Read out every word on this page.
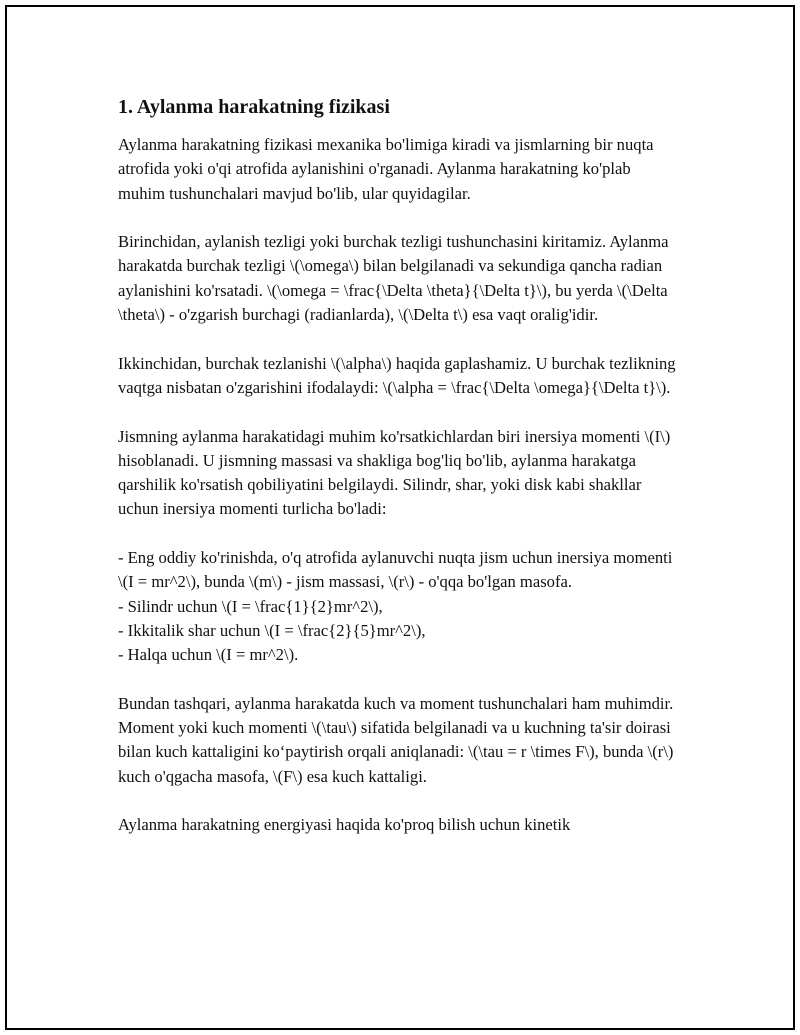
1. Aylanma harakatning fizikasi

Aylanma harakatning fizikasi mexanika bo'limiga kiradi va jismlarning bir nuqta atrofida yoki o'qi atrofida aylanishini o'rganadi. Aylanma harakatning ko'plab muhim tushunchalari mavjud bo'lib, ular quyidagilar.

Birinchidan, aylanish tezligi yoki burchak tezligi tushunchasini kiritamiz. Aylanma harakatda burchak tezligi \(\omega\) bilan belgilanadi va sekundiga qancha radian aylanishini ko'rsatadi. \(\omega = \frac{\Delta \theta}{\Delta t}\), bu yerda \(\Delta \theta\) - o'zgarish burchagi (radianlarda), \(\Delta t\) esa vaqt oralig'idir.

Ikkinchidan, burchak tezlanishi \(\alpha\) haqida gaplashamiz. U burchak tezlikning vaqtga nisbatan o'zgarishini ifodalaydi: \(\alpha = \frac{\Delta \omega}{\Delta t}\).

Jismning aylanma harakatidagi muhim ko'rsatkichlardan biri inersiya momenti \(I\) hisoblanadi. U jismning massasi va shakliga bog'liq bo'lib, aylanma harakatga qarshilik ko'rsatish qobiliyatini belgilaydi. Silindr, shar, yoki disk kabi shakllar uchun inersiya momenti turlicha bo'ladi:

- Eng oddiy ko'rinishda, o'q atrofida aylanuvchi nuqta jism uchun inersiya momenti \(I = mr^2\), bunda \(m\) - jism massasi, \(r\) - o'qqa bo'lgan masofa.
- Silindr uchun \(I = \frac{1}{2}mr^2\),
- Ikkitalik shar uchun \(I = \frac{2}{5}mr^2\),
- Halqa uchun \(I = mr^2\).

Bundan tashqari, aylanma harakatda kuch va moment tushunchalari ham muhimdir. Moment yoki kuch momenti \(\tau\) sifatida belgilanadi va u kuchning ta'sir doirasi bilan kuch kattaligini ko‘paytirish orqali aniqlanadi: \(\tau = r \times F\), bunda \(r\) kuch o'qgacha masofa, \(F\) esa kuch kattaligi.

Aylanma harakatning energiyasi haqida ko'proq bilish uchun kinetik
